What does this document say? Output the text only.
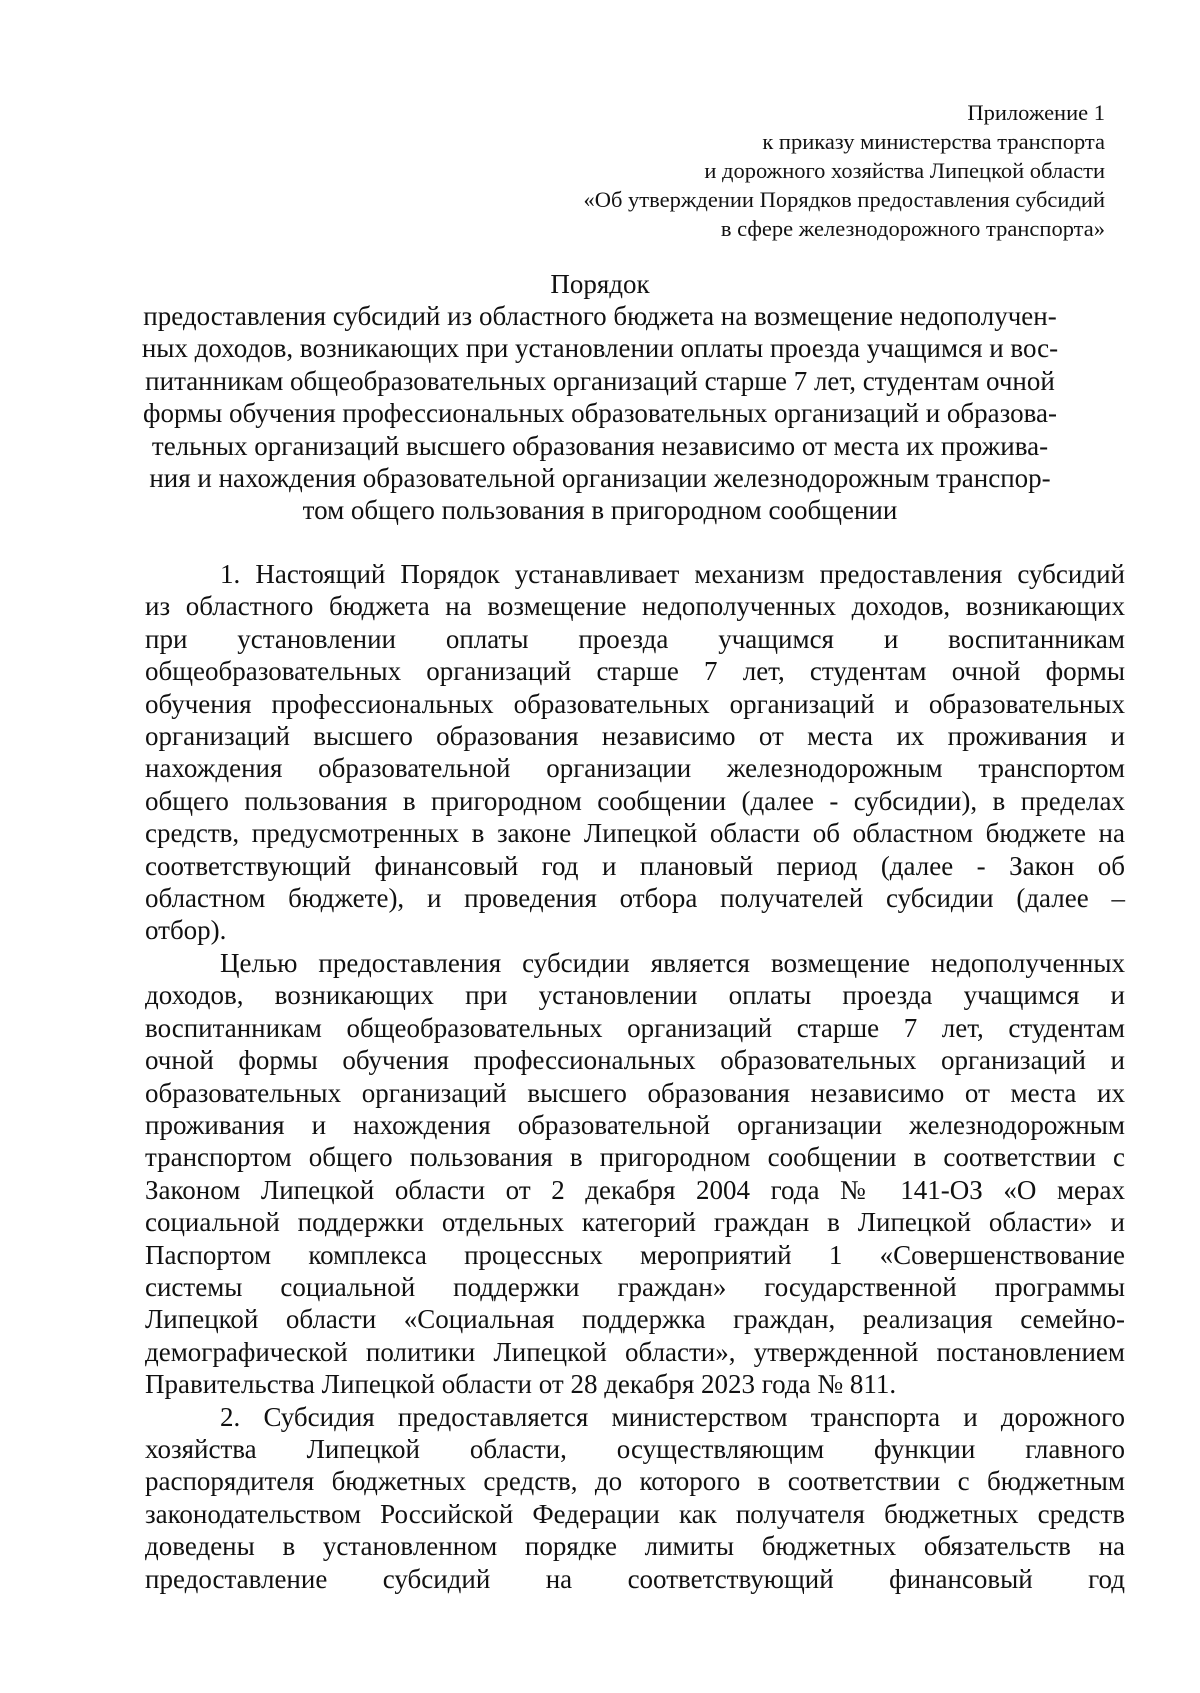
Приложение 1
к приказу министерства транспорта
и дорожного хозяйства Липецкой области
«Об утверждении Порядков предоставления субсидий
в сфере железнодорожного транспорта»
Порядок
предоставления субсидий из областного бюджета на возмещение недополучен-
ных доходов, возникающих при установлении оплаты проезда учащимся и вос-
питанникам общеобразовательных организаций старше 7 лет, студентам очной
формы обучения профессиональных образовательных организаций и образова-
тельных организаций высшего образования независимо от места их прожива-
ния и нахождения образовательной организации железнодорожным транспор-
том общего пользования в пригородном сообщении
1. Настоящий Порядок устанавливает механизм предоставления субсидий
из областного бюджета на возмещение недополученных доходов, возникающих
при установлении оплаты проезда учащимся и воспитанникам
общеобразовательных организаций старше 7 лет, студентам очной формы
обучения профессиональных образовательных организаций и образовательных
организаций высшего образования независимо от места их проживания и
нахождения образовательной организации железнодорожным транспортом
общего пользования в пригородном сообщении (далее - субсидии), в пределах
средств, предусмотренных в законе Липецкой области об областном бюджете на
соответствующий финансовый год и плановый период (далее - Закон об
областном бюджете), и проведения отбора получателей субсидии (далее –
отбор).
Целью предоставления субсидии является возмещение недополученных
доходов, возникающих при установлении оплаты проезда учащимся и
воспитанникам общеобразовательных организаций старше 7 лет, студентам
очной формы обучения профессиональных образовательных организаций и
образовательных организаций высшего образования независимо от места их
проживания и нахождения образовательной организации железнодорожным
транспортом общего пользования в пригородном сообщении в соответствии с
Законом Липецкой области от 2 декабря 2004 года № 141-ОЗ «О мерах
социальной поддержки отдельных категорий граждан в Липецкой области» и
Паспортом комплекса процессных мероприятий 1 «Совершенствование
системы социальной поддержки граждан» государственной программы
Липецкой области «Социальная поддержка граждан, реализация семейно-
демографической политики Липецкой области», утвержденной постановлением
Правительства Липецкой области от 28 декабря 2023 года № 811.
2. Субсидия предоставляется министерством транспорта и дорожного
хозяйства Липецкой области, осуществляющим функции главного
распорядителя бюджетных средств, до которого в соответствии с бюджетным
законодательством Российской Федерации как получателя бюджетных средств
доведены в установленном порядке лимиты бюджетных обязательств на
предоставление субсидий на соответствующий финансовый год
